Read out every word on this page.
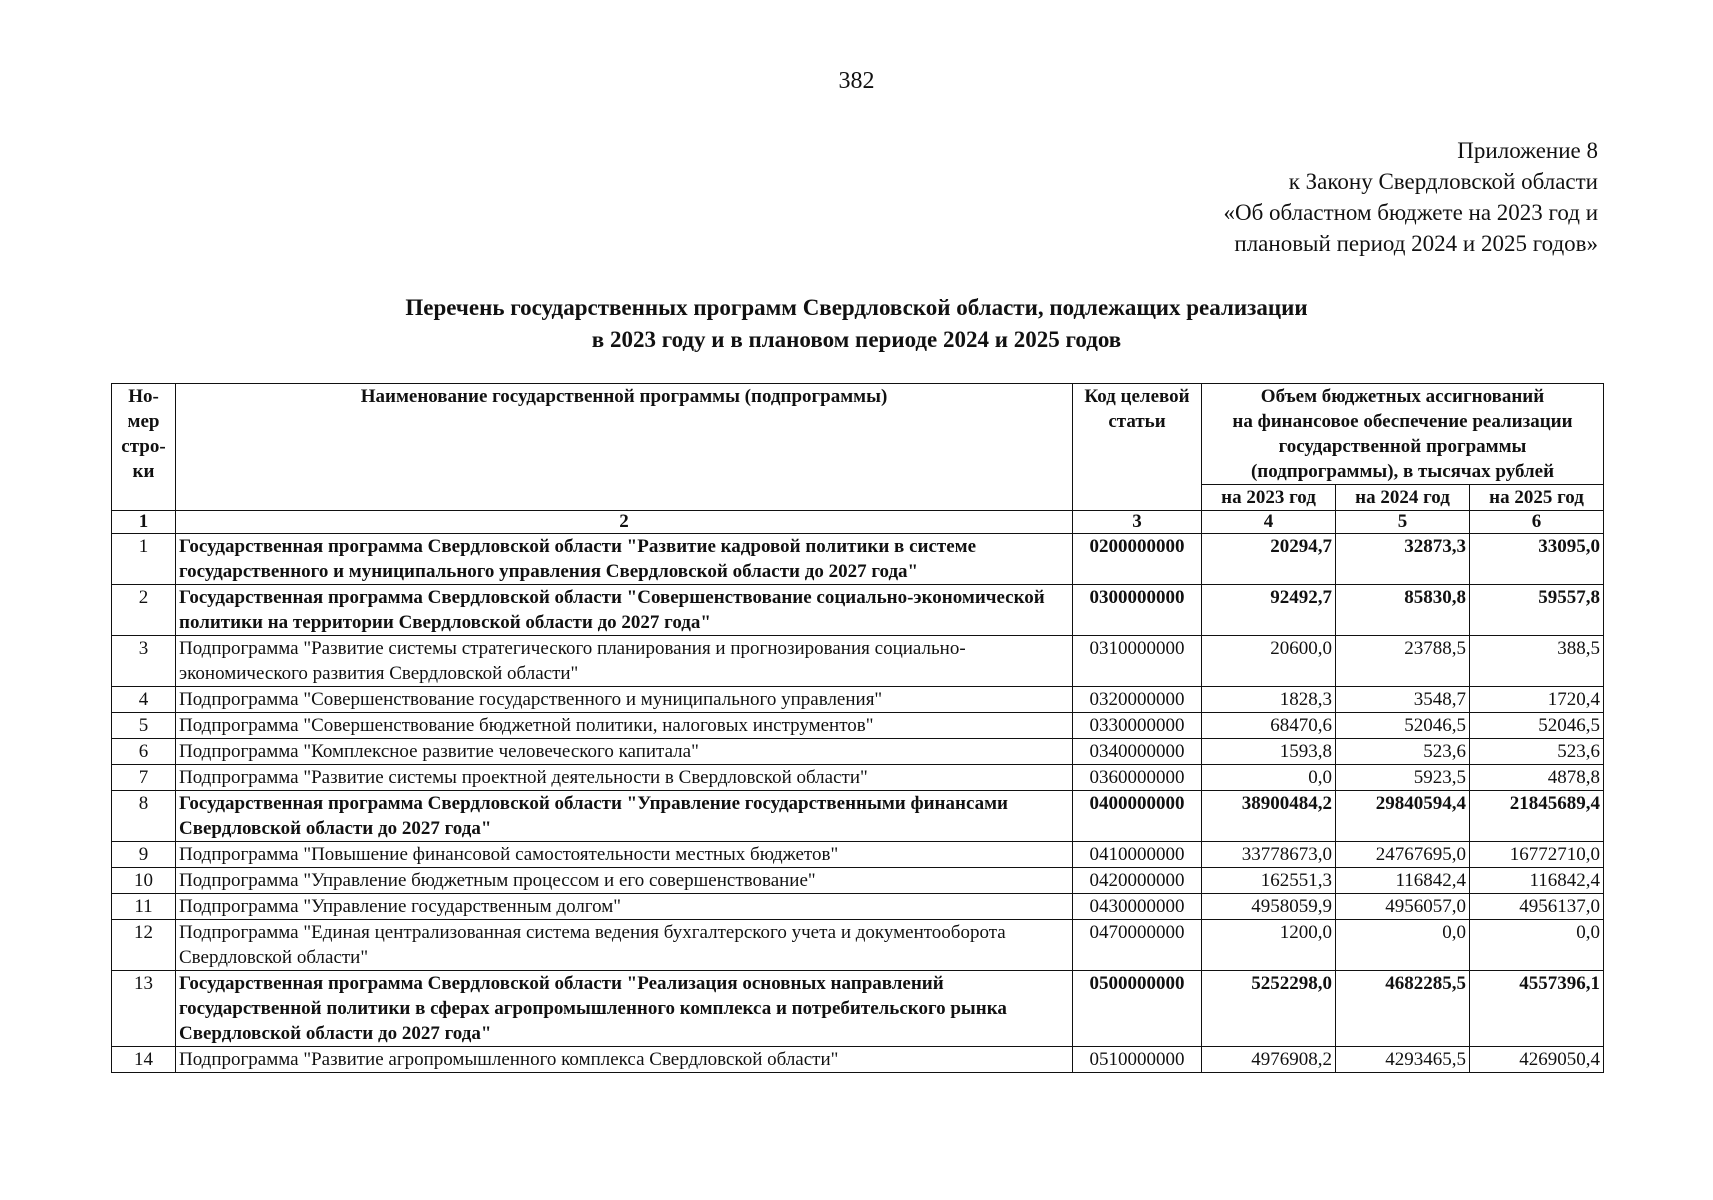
382
Приложение 8
к Закону Свердловской области
«Об областном бюджете на 2023 год и
плановый период 2024 и 2025 годов»
Перечень государственных программ Свердловской области, подлежащих реализации
в 2023 году и в плановом периоде 2024 и 2025 годов
Но-
мер
стро-
ки	Наименование государственной программы (подпрограммы)	Код целевой статьи	Объем бюджетных ассигнований
на финансовое обеспечение реализации
государственной программы
(подпрограммы), в тысячах рублей		
			на 2023 год	на 2024 год	на 2025 год
1	2	3	4	5	6
1	Государственная программа Свердловской области "Развитие кадровой политики в системе государственного и муниципального управления Свердловской области до 2027 года"	0200000000	20294,7	32873,3	33095,0
2	Государственная программа Свердловской области "Совершенствование социально-экономической политики на территории Свердловской области до 2027 года"	0300000000	92492,7	85830,8	59557,8
3	Подпрограмма "Развитие системы стратегического планирования и прогнозирования социально-экономического развития Свердловской области"	0310000000	20600,0	23788,5	388,5
4	Подпрограмма "Совершенствование государственного и муниципального управления"	0320000000	1828,3	3548,7	1720,4
5	Подпрограмма "Совершенствование бюджетной политики, налоговых инструментов"	0330000000	68470,6	52046,5	52046,5
6	Подпрограмма "Комплексное развитие человеческого капитала"	0340000000	1593,8	523,6	523,6
7	Подпрограмма "Развитие системы проектной деятельности в Свердловской области"	0360000000	0,0	5923,5	4878,8
8	Государственная программа Свердловской области "Управление государственными финансами Свердловской области до 2027 года"	0400000000	38900484,2	29840594,4	21845689,4
9	Подпрограмма "Повышение финансовой самостоятельности местных бюджетов"	0410000000	33778673,0	24767695,0	16772710,0
10	Подпрограмма "Управление бюджетным процессом и его совершенствование"	0420000000	162551,3	116842,4	116842,4
11	Подпрограмма "Управление государственным долгом"	0430000000	4958059,9	4956057,0	4956137,0
12	Подпрограмма "Единая централизованная система ведения бухгалтерского учета и документооборота Свердловской области"	0470000000	1200,0	0,0	0,0
13	Государственная программа Свердловской области "Реализация основных направлений государственной политики в сферах агропромышленного комплекса и потребительского рынка Свердловской области до 2027 года"	0500000000	5252298,0	4682285,5	4557396,1
14	Подпрограмма "Развитие агропромышленного комплекса Свердловской области"	0510000000	4976908,2	4293465,5	4269050,4
